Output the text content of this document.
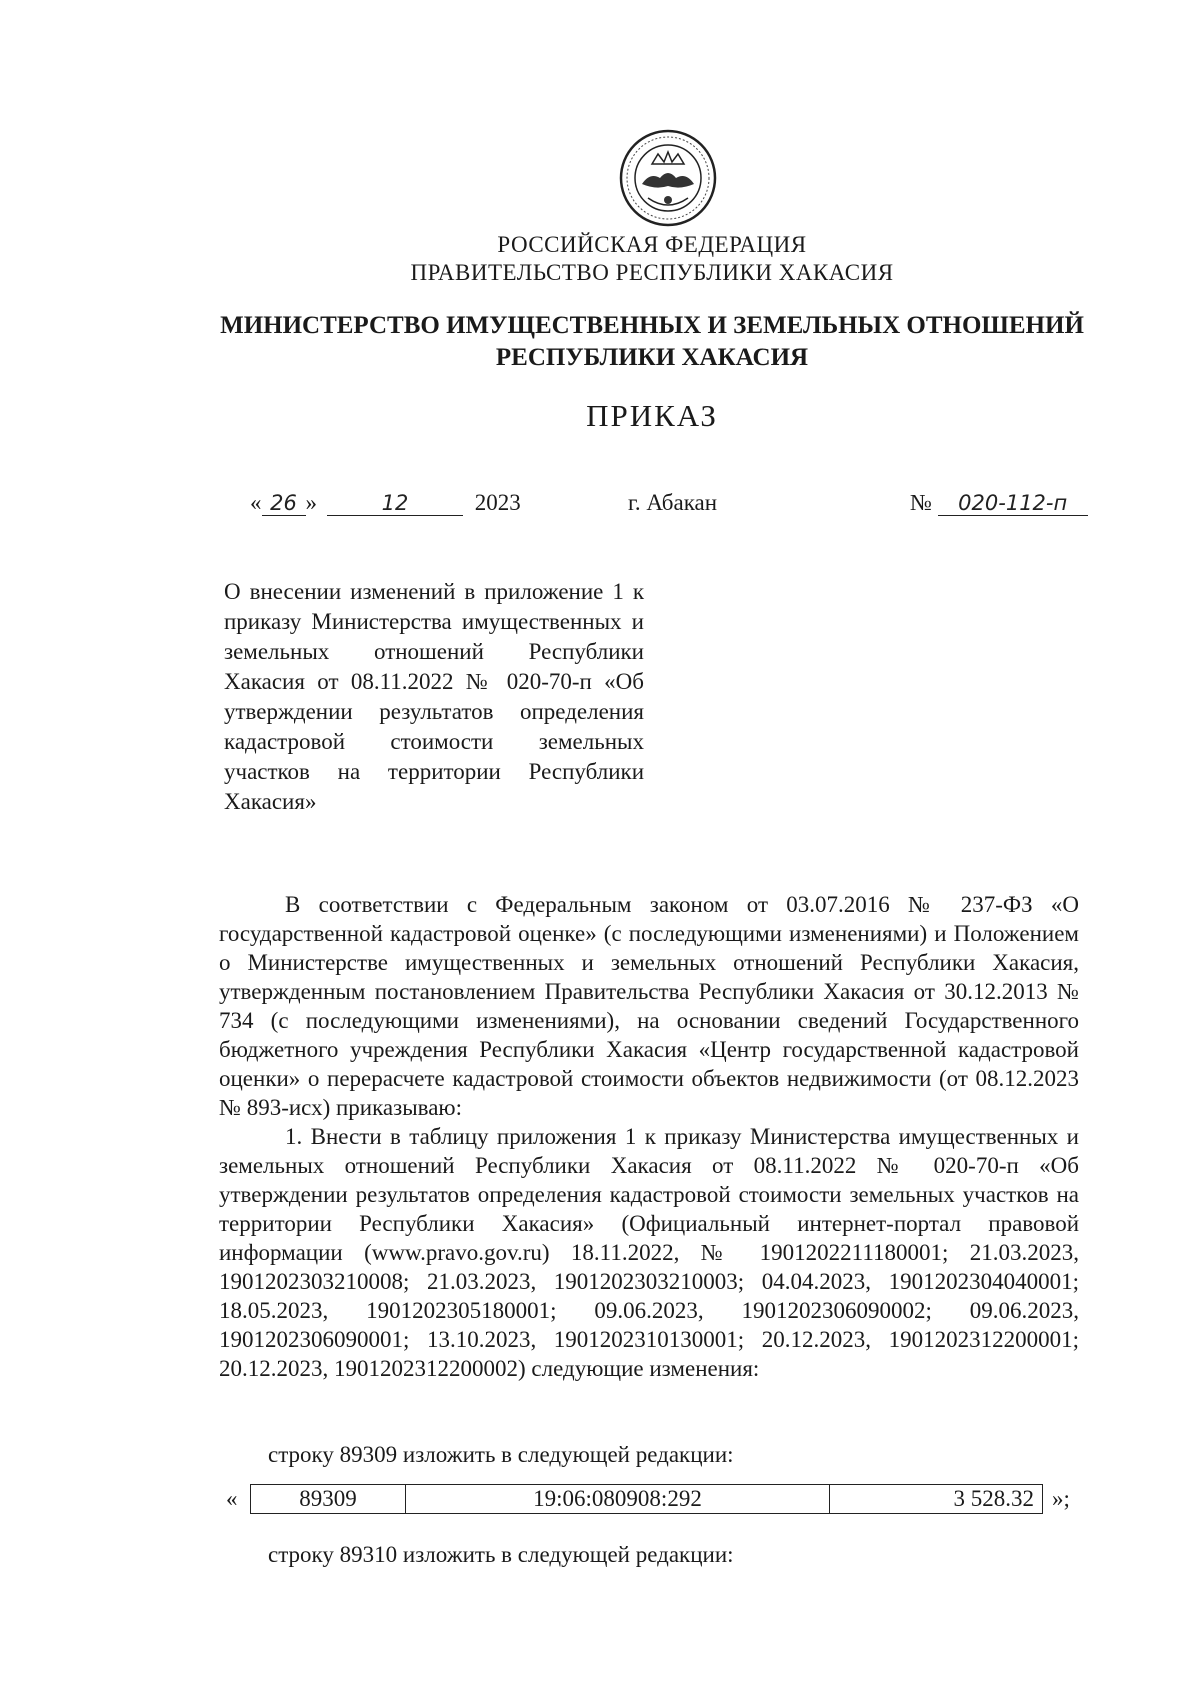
РОССИЙСКАЯ ФЕДЕРАЦИЯ
ПРАВИТЕЛЬСТВО РЕСПУБЛИКИ ХАКАСИЯ
МИНИСТЕРСТВО ИМУЩЕСТВЕННЫХ И ЗЕМЕЛЬНЫХ ОТНОШЕНИЙ
РЕСПУБЛИКИ ХАКАСИЯ
ПРИКАЗ
« 26 »	12	2023	г. Абакан	№ 020-112-п

О внесении изменений в приложение 1 к приказу Министерства имущественных и земельных отношений Республики Хакасия от 08.11.2022 № 020-70-п «Об утверждении результатов определения кадастровой стоимости земельных участков на территории Республики Хакасия»

В соответствии с Федеральным законом от 03.07.2016 № 237-ФЗ «О государственной кадастровой оценке» (с последующими изменениями) и Положением о Министерстве имущественных и земельных отношений Республики Хакасия, утвержденным постановлением Правительства Республики Хакасия от 30.12.2013 № 734 (с последующими изменениями), на основании сведений Государственного бюджетного учреждения Республики Хакасия «Центр государственной кадастровой оценки» о перерасчете кадастровой стоимости объектов недвижимости (от 08.12.2023 № 893-исх) приказываю:

1. Внести в таблицу приложения 1 к приказу Министерства имущественных и земельных отношений Республики Хакасия от 08.11.2022 № 020-70-п «Об утверждении результатов определения кадастровой стоимости земельных участков на территории Республики Хакасия» (Официальный интернет-портал правовой информации (www.pravo.gov.ru) 18.11.2022, № 1901202211180001; 21.03.2023, 1901202303210008; 21.03.2023, 1901202303210003; 04.04.2023, 1901202304040001; 18.05.2023, 1901202305180001; 09.06.2023, 1901202306090002; 09.06.2023, 1901202306090001; 13.10.2023, 1901202310130001; 20.12.2023, 1901202312200001; 20.12.2023, 1901202312200002) следующие изменения:

строку 89309 изложить в следующей редакции:
«	89309	19:06:080908:292	3 528.32 »;
строку 89310 изложить в следующей редакции:
